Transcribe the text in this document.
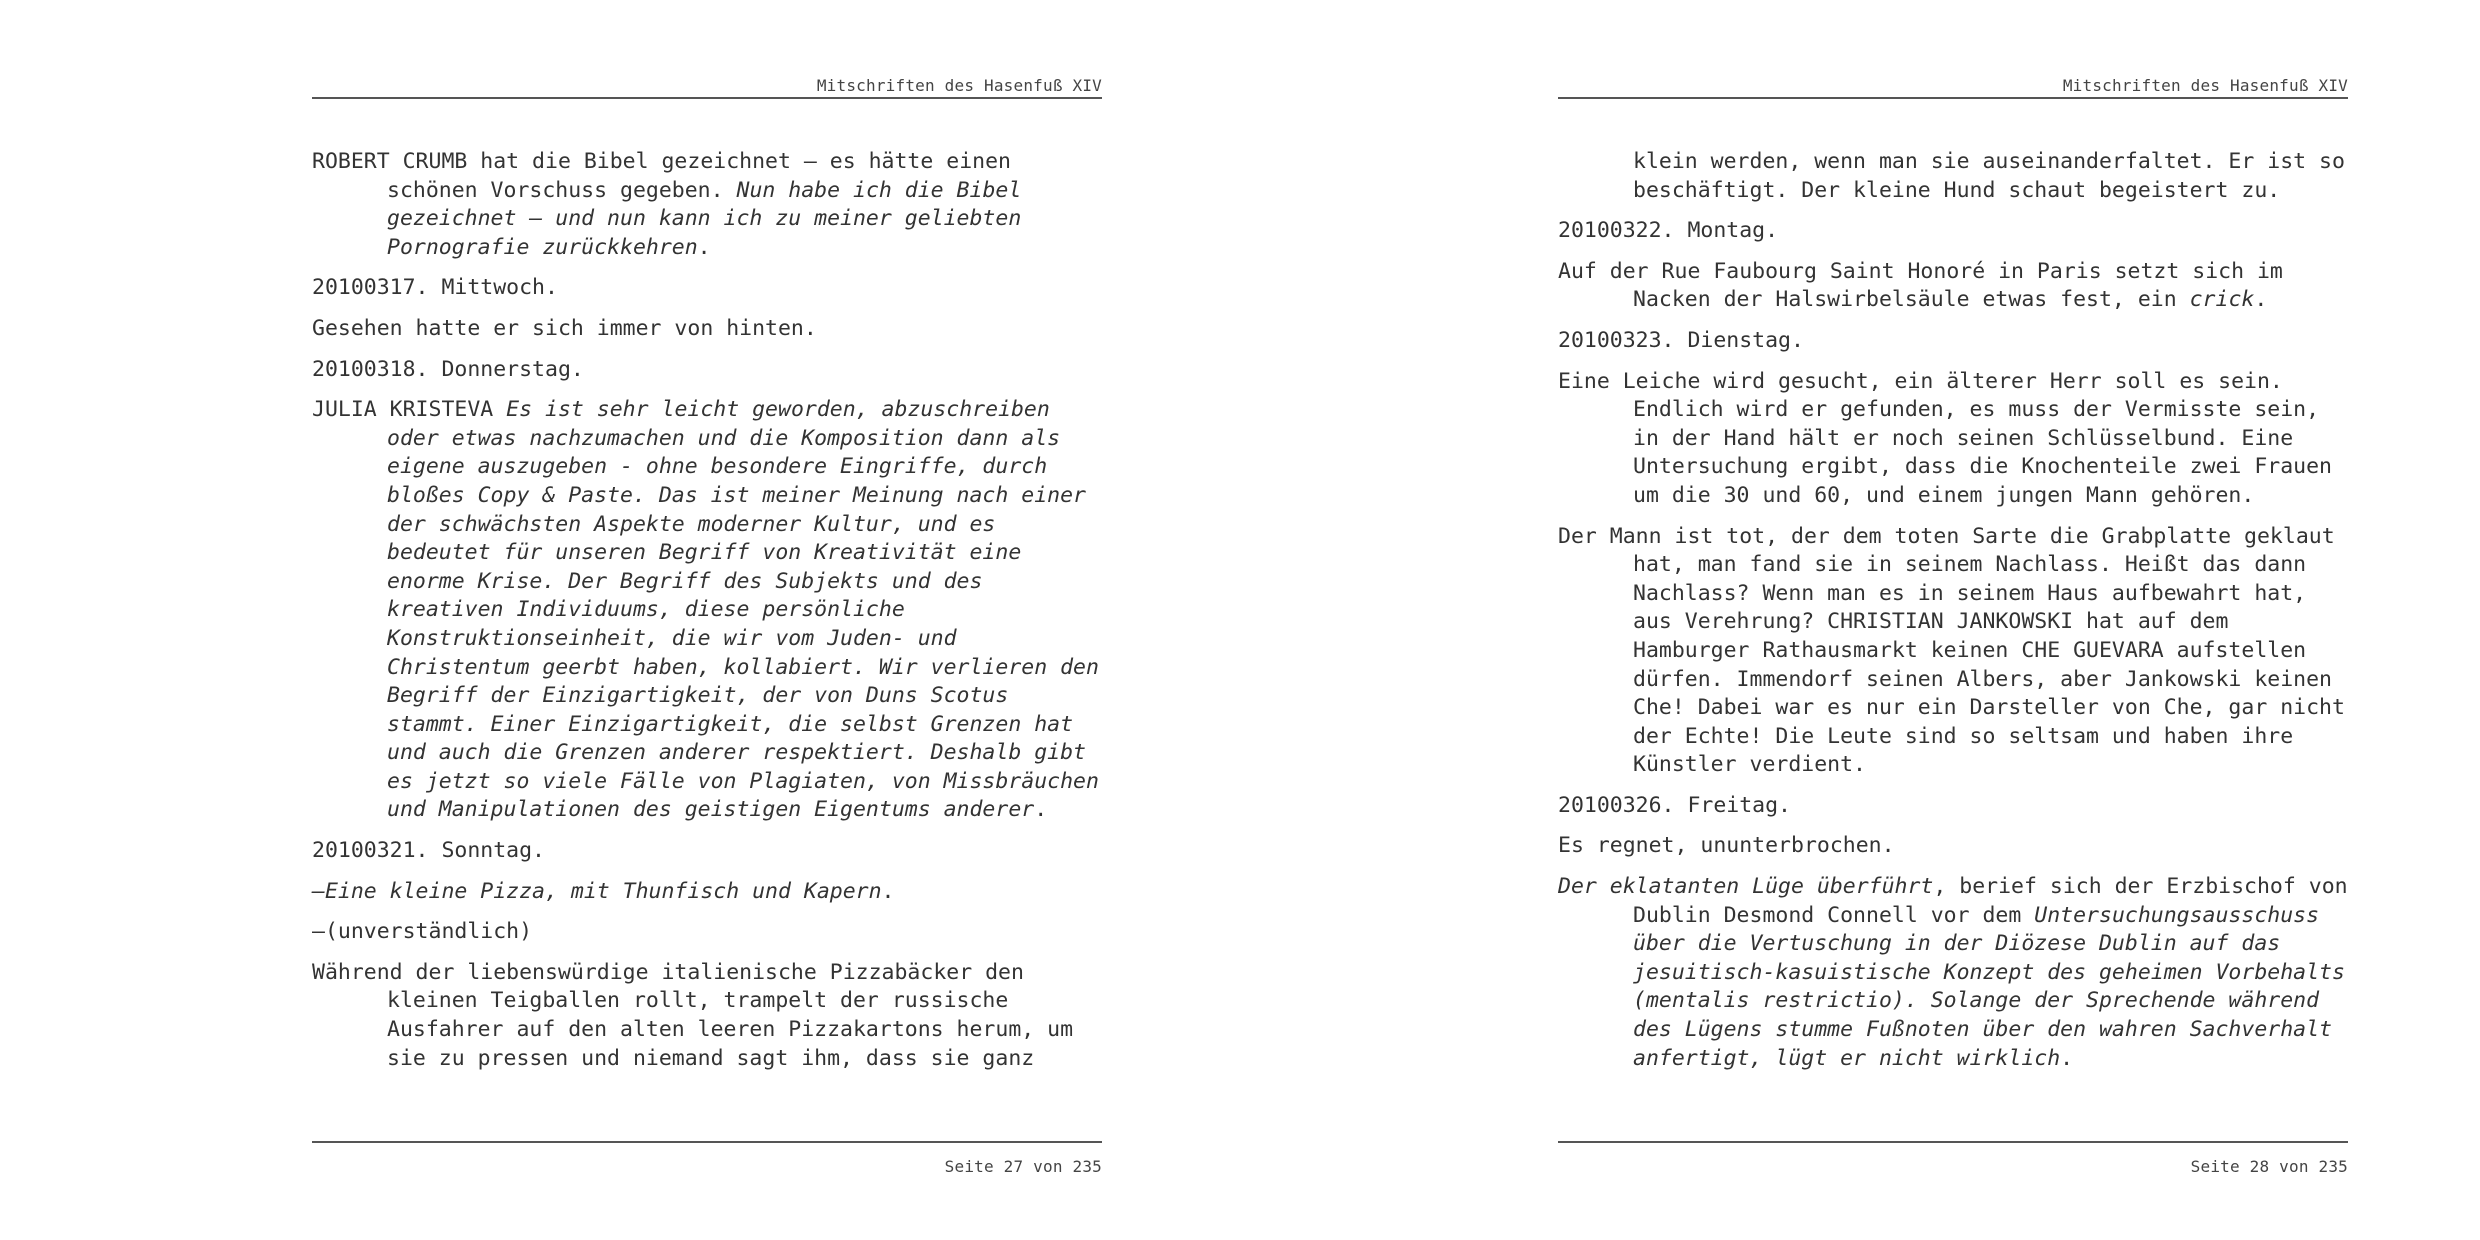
Mitschriften des Hasenfuß XIV

ROBERT CRUMB hat die Bibel gezeichnet – es hätte einen schönen Vorschuss gegeben. Nun habe ich die Bibel gezeichnet – und nun kann ich zu meiner geliebten Pornografie zurückkehren.

20100317. Mittwoch.

Gesehen hatte er sich immer von hinten.

20100318. Donnerstag.

JULIA KRISTEVA Es ist sehr leicht geworden, abzuschreiben oder etwas nachzumachen und die Komposition dann als eigene auszugeben - ohne besondere Eingriffe, durch bloßes Copy & Paste. Das ist meiner Meinung nach einer der schwächsten Aspekte moderner Kultur, und es bedeutet für unseren Begriff von Kreativität eine enorme Krise. Der Begriff des Subjekts und des kreativen Individuums, diese persönliche Konstruktionseinheit, die wir vom Juden- und Christentum geerbt haben, kollabiert. Wir verlieren den Begriff der Einzigartigkeit, der von Duns Scotus stammt. Einer Einzigartigkeit, die selbst Grenzen hat und auch die Grenzen anderer respektiert. Deshalb gibt es jetzt so viele Fälle von Plagiaten, von Missbräuchen und Manipulationen des geistigen Eigentums anderer.

20100321. Sonntag.

–Eine kleine Pizza, mit Thunfisch und Kapern.

–(unverständlich)

Während der liebenswürdige italienische Pizzabäcker den kleinen Teigballen rollt, trampelt der russische Ausfahrer auf den alten leeren Pizzakartons herum, um sie zu pressen und niemand sagt ihm, dass sie ganz

Seite 27 von 235
Mitschriften des Hasenfuß XIV

klein werden, wenn man sie auseinanderfaltet. Er ist so beschäftigt. Der kleine Hund schaut begeistert zu.

20100322. Montag.

Auf der Rue Faubourg Saint Honoré in Paris setzt sich im Nacken der Halswirbelsäule etwas fest, ein crick.

20100323. Dienstag.

Eine Leiche wird gesucht, ein älterer Herr soll es sein. Endlich wird er gefunden, es muss der Vermisste sein, in der Hand hält er noch seinen Schlüsselbund. Eine Untersuchung ergibt, dass die Knochenteile zwei Frauen um die 30 und 60, und einem jungen Mann gehören.

Der Mann ist tot, der dem toten Sarte die Grabplatte geklaut hat, man fand sie in seinem Nachlass. Heißt das dann Nachlass? Wenn man es in seinem Haus aufbewahrt hat, aus Verehrung? CHRISTIAN JANKOWSKI hat auf dem Hamburger Rathausmarkt keinen CHE GUEVARA aufstellen dürfen. Immendorf seinen Albers, aber Jankowski keinen Che! Dabei war es nur ein Darsteller von Che, gar nicht der Echte! Die Leute sind so seltsam und haben ihre Künstler verdient.

20100326. Freitag.

Es regnet, ununterbrochen.

Der eklatanten Lüge überführt, berief sich der Erzbischof von Dublin Desmond Connell vor dem Untersuchungsausschuss über die Vertuschung in der Diözese Dublin auf das jesuitisch-kasuistische Konzept des geheimen Vorbehalts (mentalis restrictio). Solange der Sprechende während des Lügens stumme Fußnoten über den wahren Sachverhalt anfertigt, lügt er nicht wirklich.

Seite 28 von 235
